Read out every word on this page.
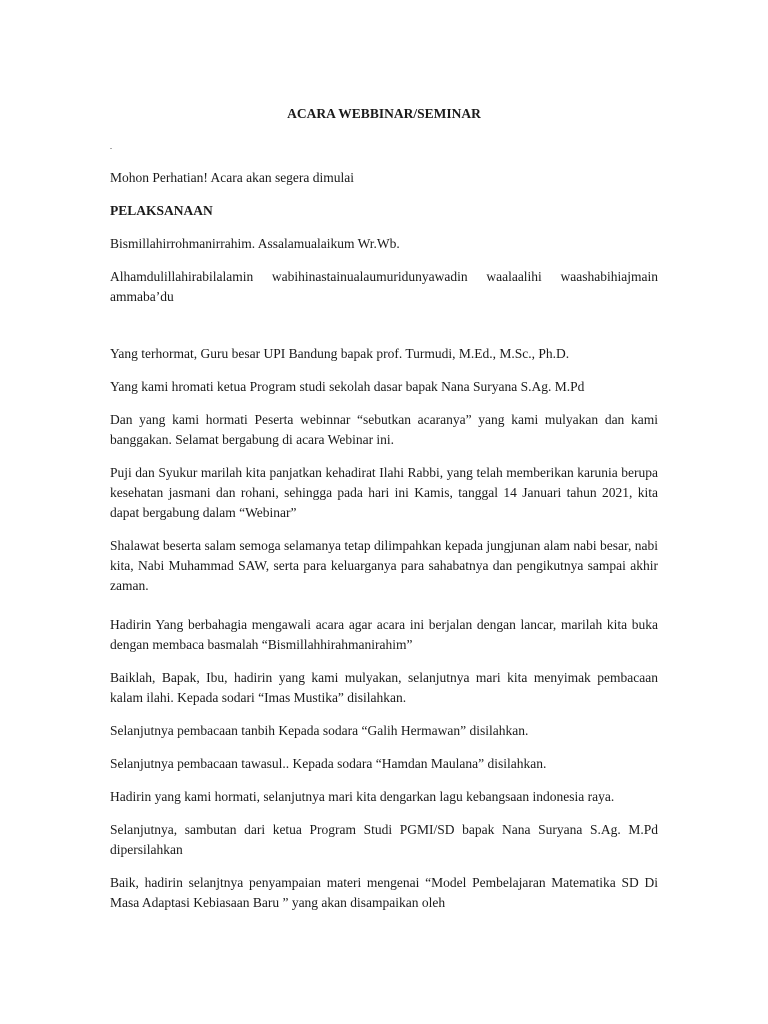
ACARA WEBBINAR/SEMINAR
.

Mohon Perhatian! Acara akan segera dimulai

PELAKSANAAN

Bismillahirrohmanirrahim. Assalamualaikum Wr.Wb.

Alhamdulillahirabilalamin wabihinastainualaumuridunyawadin waalaalihi waashabihiajmain ammaba’du

Yang terhormat, Guru besar UPI Bandung bapak prof. Turmudi, M.Ed., M.Sc., Ph.D.

Yang kami hromati ketua Program studi sekolah dasar bapak Nana Suryana S.Ag. M.Pd

Dan yang kami hormati Peserta webinnar “sebutkan acaranya” yang kami mulyakan dan kami banggakan. Selamat bergabung di acara Webinar ini.

Puji dan Syukur marilah kita panjatkan kehadirat Ilahi Rabbi, yang telah memberikan karunia berupa kesehatan jasmani dan rohani, sehingga pada hari ini Kamis, tanggal 14 Januari tahun 2021, kita dapat bergabung dalam “Webinar”

Shalawat beserta salam semoga selamanya tetap dilimpahkan kepada jungjunan alam nabi besar, nabi kita, Nabi Muhammad SAW, serta para keluarganya para sahabatnya dan pengikutnya sampai akhir zaman.

Hadirin Yang berbahagia mengawali acara agar acara ini berjalan dengan lancar, marilah kita buka dengan membaca basmalah “Bismillahhirahmanirahim”

Baiklah, Bapak, Ibu, hadirin yang kami mulyakan, selanjutnya mari kita menyimak pembacaan kalam ilahi. Kepada sodari “Imas Mustika” disilahkan.

Selanjutnya pembacaan tanbih Kepada sodara “Galih Hermawan” disilahkan.

Selanjutnya pembacaan tawasul.. Kepada sodara “Hamdan Maulana” disilahkan.

Hadirin yang kami hormati, selanjutnya mari kita dengarkan lagu kebangsaan indonesia raya.

Selanjutnya, sambutan dari ketua Program Studi PGMI/SD bapak Nana Suryana S.Ag. M.Pd dipersilahkan

Baik, hadirin selanjtnya penyampaian materi mengenai “Model Pembelajaran Matematika SD Di Masa Adaptasi Kebiasaan Baru ” yang akan disampaikan oleh
